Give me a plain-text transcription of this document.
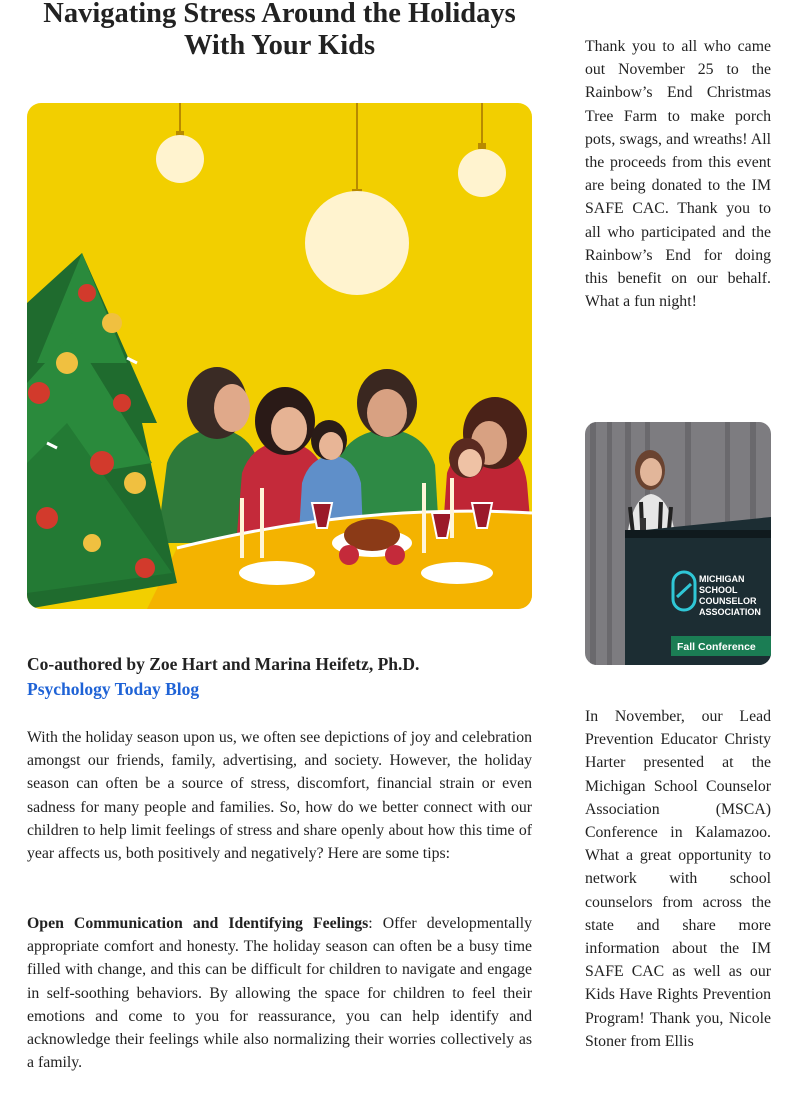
Navigating Stress Around the Holidays With Your Kids

Co-authored by Zoe Hart and Marina Heifetz, Ph.D.

Psychology Today Blog

With the holiday season upon us, we often see depictions of joy and celebration amongst our friends, family, advertising, and society. However, the holiday season can often be a source of stress, discomfort, financial strain or even sadness for many people and families. So, how do we better connect with our children to help limit feelings of stress and share openly about how this time of year affects us, both positively and negatively? Here are some tips:

Open Communication and Identifying Feelings: Offer developmentally appropriate comfort and honesty. The holiday season can often be a busy time filled with change, and this can be difficult for children to navigate and engage in self-soothing behaviors. By allowing the space for children to feel their emotions and come to you for reassurance, you can help identify and acknowledge their feelings while also normalizing their worries collectively as a family.

Thank you to all who came out November 25 to the Rainbow’s End Christmas Tree Farm to make porch pots, swags, and wreaths! All the proceeds from this event are being donated to the IM SAFE CAC. Thank you to all who participated and the Rainbow’s End for doing this benefit on our behalf. What a fun night!

MICHIGAN
SCHOOL
COUNSELOR
ASSOCIATION
Fall Conference

In November, our Lead Prevention Educator Christy Harter presented at the Michigan School Counselor Association (MSCA) Conference in Kalamazoo. What a great opportunity to network with school counselors from across the state and share more information about the IM SAFE CAC as well as our Kids Have Rights Prevention Program! Thank you, Nicole Stoner from Ellis
